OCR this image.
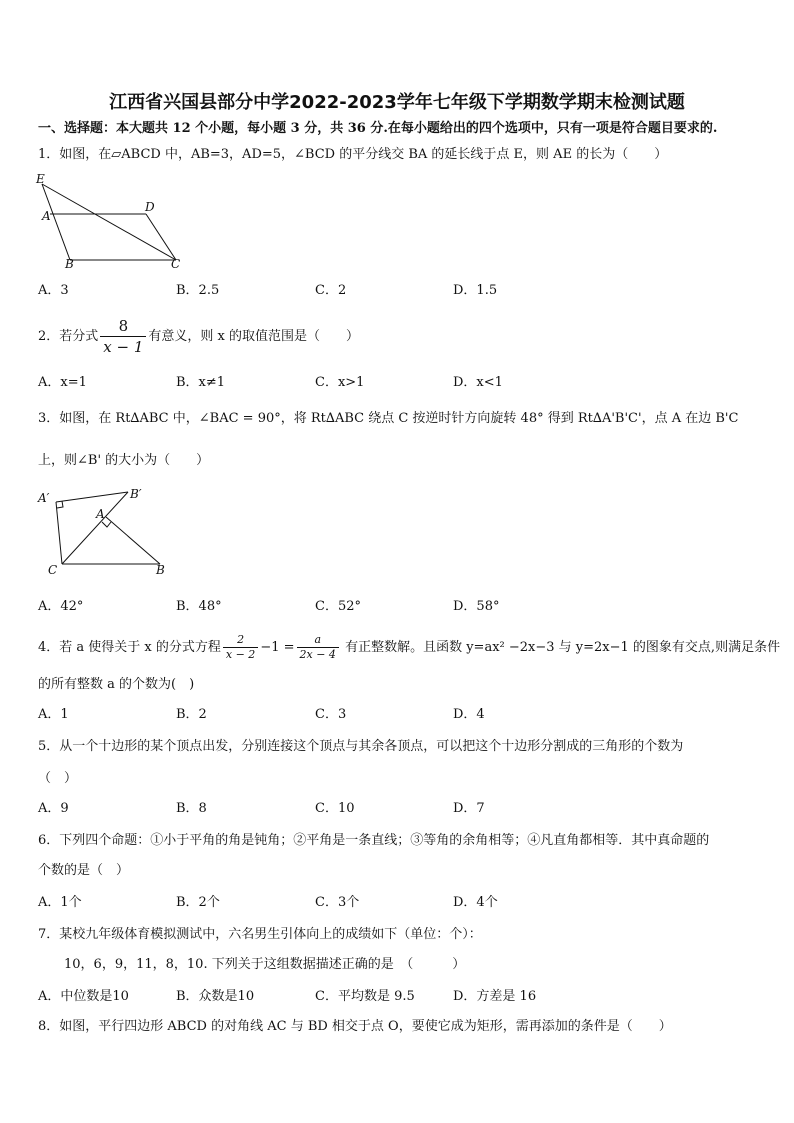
江西省兴国县部分中学2022-2023学年七年级下学期数学期末检测试题
一、选择题：本大题共 12 个小题，每小题 3 分，共 36 分.在每小题给出的四个选项中，只有一项是符合题目要求的.
1．如图，在▱ABCD 中，AB=3，AD=5，∠BCD 的平分线交 BA 的延长线于点 E，则 AE 的长为（　　）
E
A
D
B	C
A．3	B．2.5	C．2	D．1.5
2．若分式 $\frac{8}{x - 1}$ 有意义，则 x 的取值范围是（　　）
A．x=1	B．x≠1	C．x>1	D．x<1
3．如图，在 Rt∆ABC 中，∠BAC = 90°，将 Rt∆ABC 绕点 C 按逆时针方向旋转 48° 得到 Rt∆A'B'C'，点 A 在边 B'C
上，则∠B' 的大小为（　　）
A′	B′
A
C	B
A．42°	B．48°	C．52°	D．58°
4．若 a 使得关于 x 的分式方程 $\frac{2}{x - 2} -1 = \frac{a}{2x - 4}$ 有正整数解。且函数 y=ax² −2x−3 与 y=2x−1 的图象有交点,则满足条件
的所有整数 a 的个数为(　)
A．1	B．2	C．3	D．4
5．从一个十边形的某个顶点出发，分别连接这个顶点与其余各顶点，可以把这个十边形分割成的三角形的个数为
（　）
A．9	B．8	C．10	D．7
6．下列四个命题：①小于平角的角是钝角；②平角是一条直线；③等角的余角相等；④凡直角都相等．其中真命题的
个数的是（　）
A．1个	B．2个	C．3个	D．4个
7．某校九年级体育模拟测试中，六名男生引体向上的成绩如下（单位：个）：
10，6，9，11，8，10. 下列关于这组数据描述正确的是　（　　　）
A．中位数是10	B．众数是10	C．平均数是 9.5	D．方差是 16
8．如图，平行四边形 ABCD 的对角线 AC 与 BD 相交于点 O，要使它成为矩形，需再添加的条件是（　　）
